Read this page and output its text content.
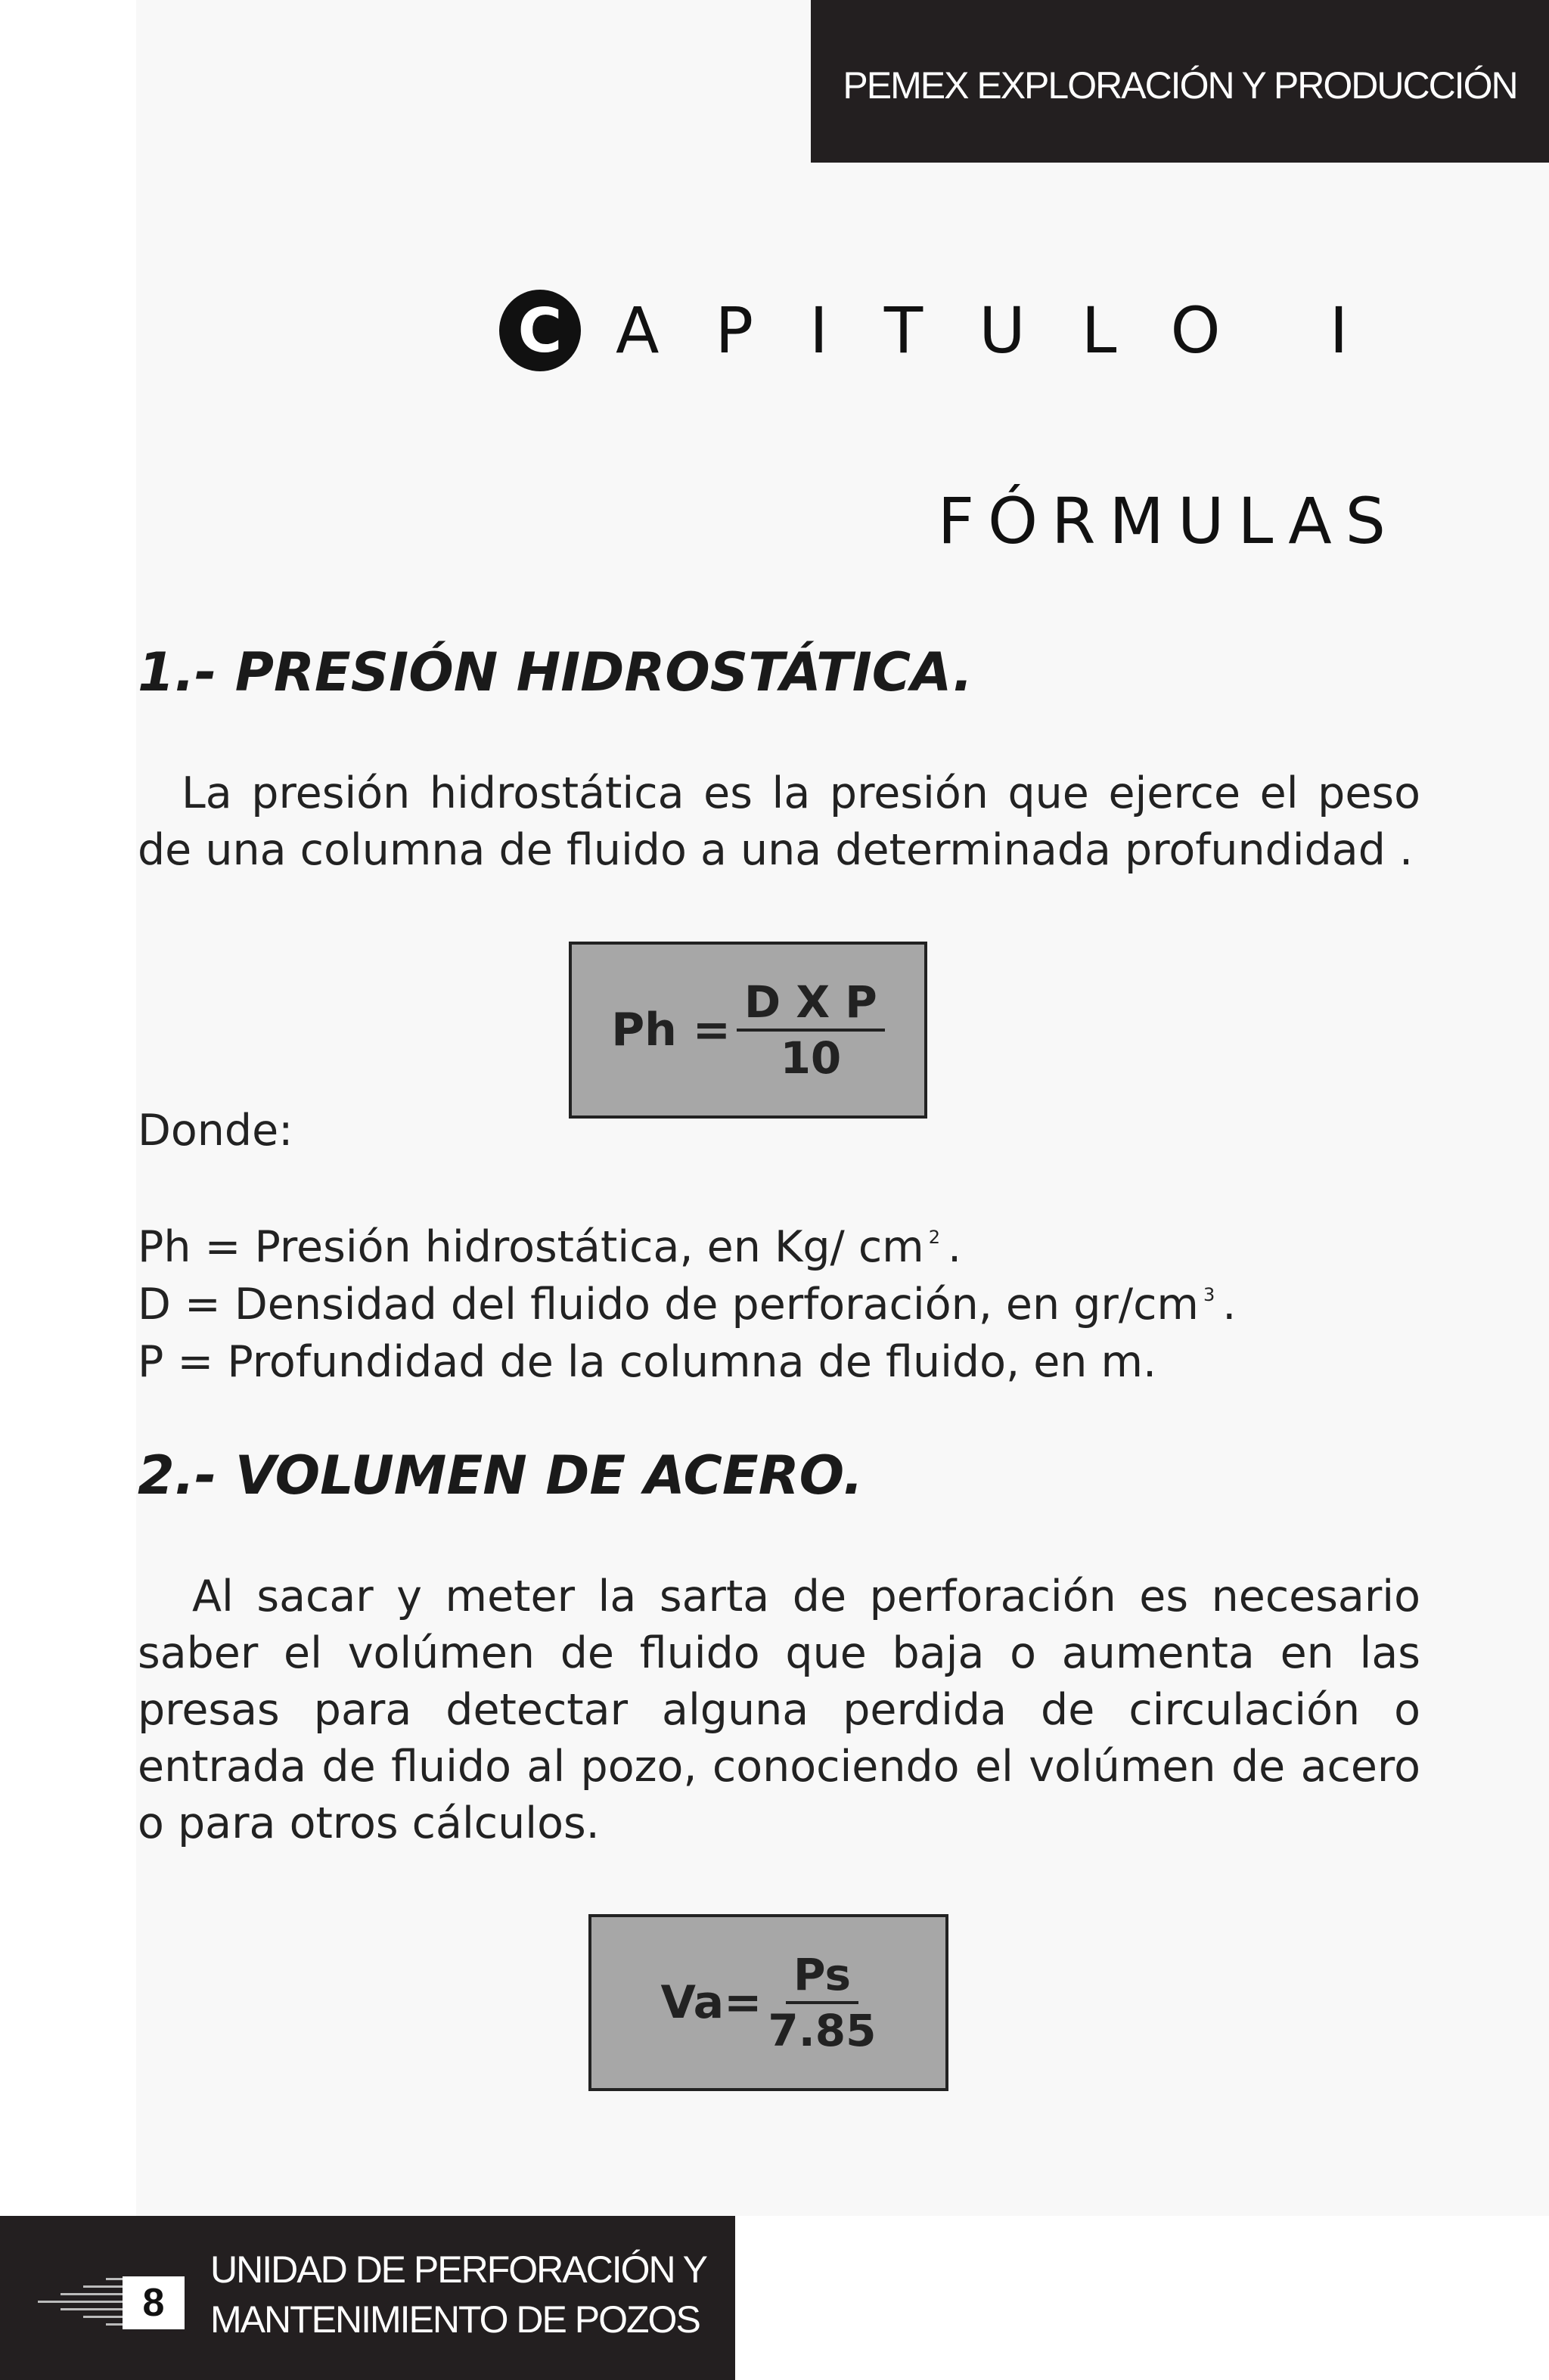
PEMEX EXPLORACIÓN Y PRODUCCIÓN
C APITULO I
FÓRMULAS
1.- PRESIÓN HIDROSTÁTICA.

La presión hidrostática es la presión que ejerce el peso de una columna de fluido a una determinada profundidad .

$Ph = \frac{\text{D X P}}{10}$
Donde:
Ph = Presión hidrostática, en Kg/ cm $^2$ .
D = Densidad del fluido de perforación, en gr/cm $^3$ .
P = Profundidad de la columna de fluido, en m.
2.- VOLUMEN DE ACERO.

Al sacar y meter la sarta de perforación es necesario saber el volúmen de fluido que baja o aumenta en las presas para detectar alguna perdida de circulación o entrada de fluido al pozo, conociendo el volúmen de acero o para otros cálculos.

$Va= \frac{Ps}{7.85}$
8
UNIDAD DE PERFORACIÓN Y
MANTENIMIENTO DE POZOS
